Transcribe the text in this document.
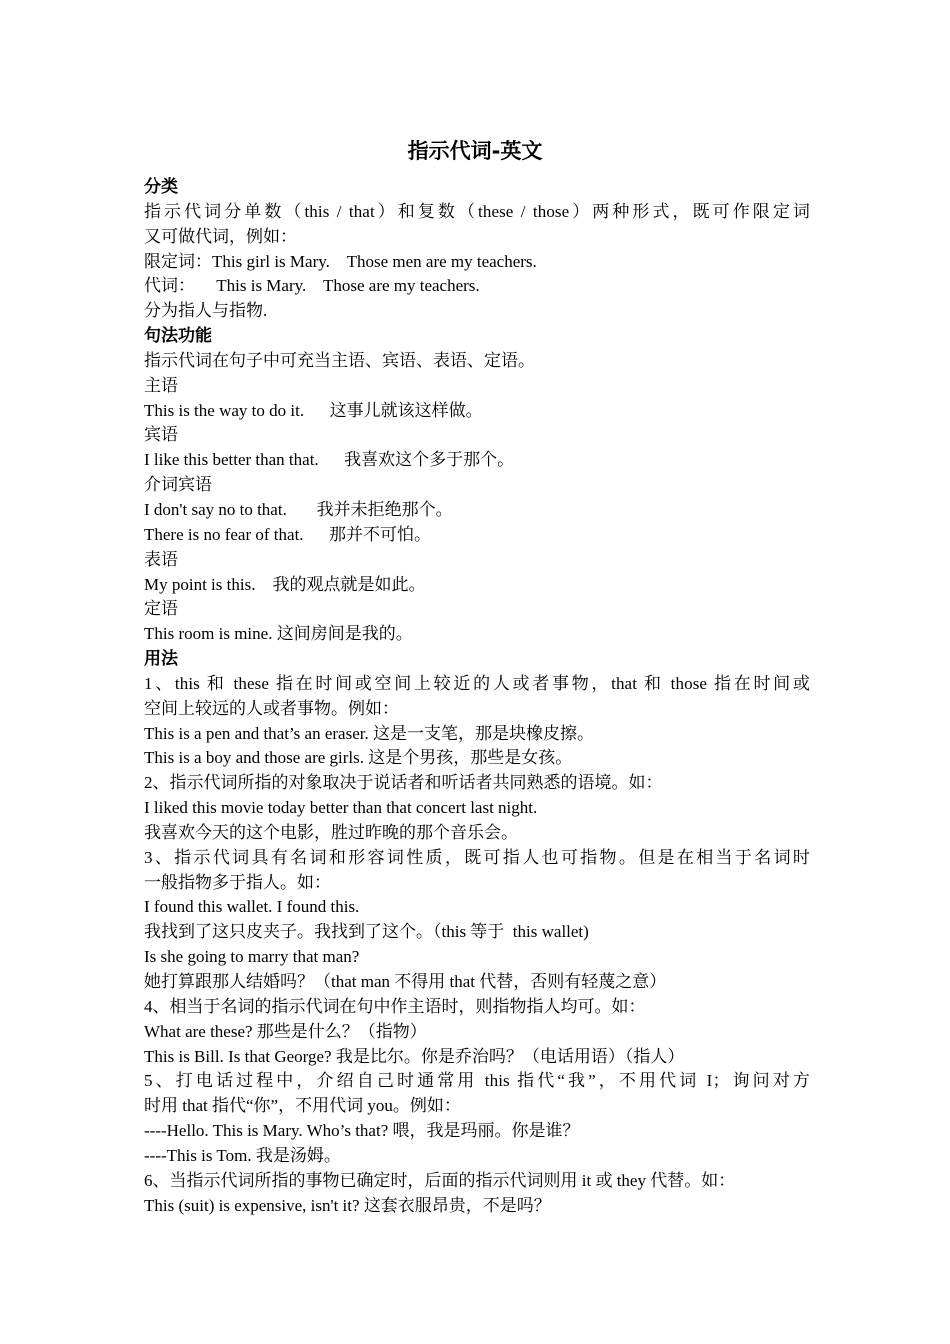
指示代词-英文
分类
指示代词分单数（this / that）和复数（these / those）两种形式，既可作限定词
又可做代词，例如：
限定词：This girl is Mary.    Those men are my teachers.
代词：     This is Mary.    Those are my teachers.
分为指人与指物.
句法功能
指示代词在句子中可充当主语、宾语、表语、定语。
主语
This is the way to do it.      这事儿就该这样做。
宾语
I like this better than that.      我喜欢这个多于那个。
介词宾语
I don't say no to that.       我并未拒绝那个。
There is no fear of that.      那并不可怕。
表语
My point is this.    我的观点就是如此。
定语
This room is mine. 这间房间是我的。
用法
1、this 和 these 指在时间或空间上较近的人或者事物，that 和 those 指在时间或
空间上较远的人或者事物。例如：
This is a pen and that’s an eraser. 这是一支笔，那是块橡皮擦。
This is a boy and those are girls. 这是个男孩，那些是女孩。
2、指示代词所指的对象取决于说话者和听话者共同熟悉的语境。如：
I liked this movie today better than that concert last night.
我喜欢今天的这个电影，胜过昨晚的那个音乐会。
3、指示代词具有名词和形容词性质，既可指人也可指物。但是在相当于名词时
一般指物多于指人。如：
I found this wallet. I found this.
我找到了这只皮夹子。我找到了这个。（this 等于  this wallet)
Is she going to marry that man?
她打算跟那人结婚吗？（that man 不得用 that 代替，否则有轻蔑之意）
4、相当于名词的指示代词在句中作主语时，则指物指人均可。如：
What are these? 那些是什么？（指物）
This is Bill. Is that George? 我是比尔。你是乔治吗？（电话用语）（指人）
5、打电话过程中，介绍自己时通常用 this 指代“我”，不用代词 I；询问对方
时用 that 指代“你”，不用代词 you。例如：
----Hello. This is Mary. Who’s that? 喂，我是玛丽。你是谁？
----This is Tom. 我是汤姆。
6、当指示代词所指的事物已确定时，后面的指示代词则用 it 或 they 代替。如：
This (suit) is expensive, isn't it? 这套衣服昂贵，不是吗？
